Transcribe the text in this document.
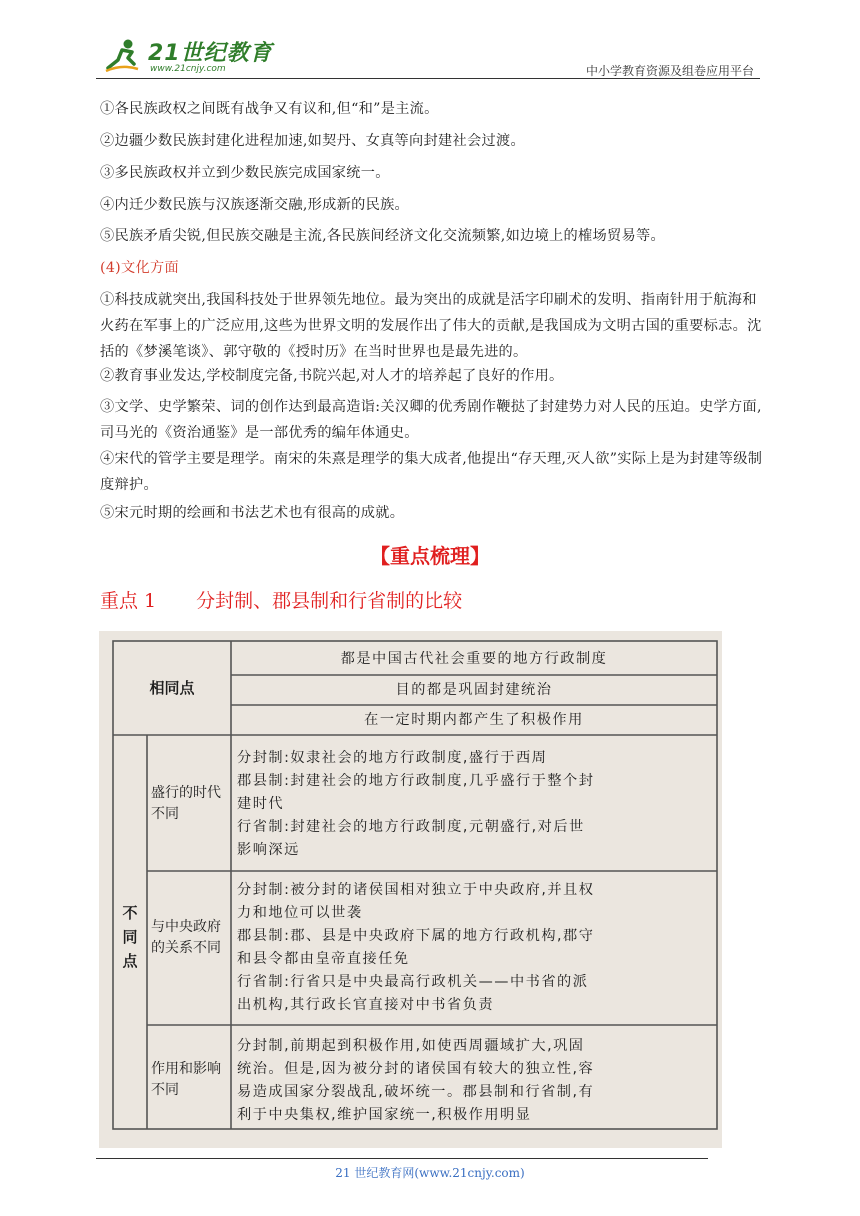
21世纪教育
www.21cnjy.com	中小学教育资源及组卷应用平台

①各民族政权之间既有战争又有议和,但“和”是主流。

②边疆少数民族封建化进程加速,如契丹、女真等向封建社会过渡。

③多民族政权并立到少数民族完成国家统一。

④内迁少数民族与汉族逐渐交融,形成新的民族。

⑤民族矛盾尖锐,但民族交融是主流,各民族间经济文化交流频繁,如边境上的榷场贸易等。

(4)文化方面

①科技成就突出,我国科技处于世界领先地位。最为突出的成就是活字印刷术的发明、指南针用于航海和火药在军事上的广泛应用,这些为世界文明的发展作出了伟大的贡献,是我国成为文明古国的重要标志。沈括的《梦溪笔谈》、郭守敬的《授时历》在当时世界也是最先进的。

②教育事业发达,学校制度完备,书院兴起,对人才的培养起了良好的作用。

③文学、史学繁荣、词的创作达到最高造诣:关汉卿的优秀剧作鞭挞了封建势力对人民的压迫。史学方面,司马光的《资治通鉴》是一部优秀的编年体通史。

④宋代的管学主要是理学。南宋的朱熹是理学的集大成者,他提出“存天理,灭人欲”实际上是为封建等级制度辩护。

⑤宋元时期的绘画和书法艺术也有很高的成就。

【重点梳理】
重点 1 分封制、郡县制和行省制的比较
相同点
都是中国古代社会重要的地方行政制度
目的都是巩固封建统治
在一定时期内都产生了积极作用
不同点
盛行的时代不同
与中央政府的关系不同
作用和影响不同
分封制:奴隶社会的地方行政制度,盛行于西周
郡县制:封建社会的地方行政制度,几乎盛行于整个封
建时代
行省制:封建社会的地方行政制度,元朝盛行,对后世
影响深远
分封制:被分封的诸侯国相对独立于中央政府,并且权
力和地位可以世袭
郡县制:郡、县是中央政府下属的地方行政机构,郡守
和县令都由皇帝直接任免
行省制:行省只是中央最高行政机关——中书省的派
出机构,其行政长官直接对中书省负责
分封制,前期起到积极作用,如使西周疆域扩大,巩固
统治。但是,因为被分封的诸侯国有较大的独立性,容
易造成国家分裂战乱,破坏统一。郡县制和行省制,有
利于中央集权,维护国家统一,积极作用明显
21 世纪教育网(www.21cnjy.com)
